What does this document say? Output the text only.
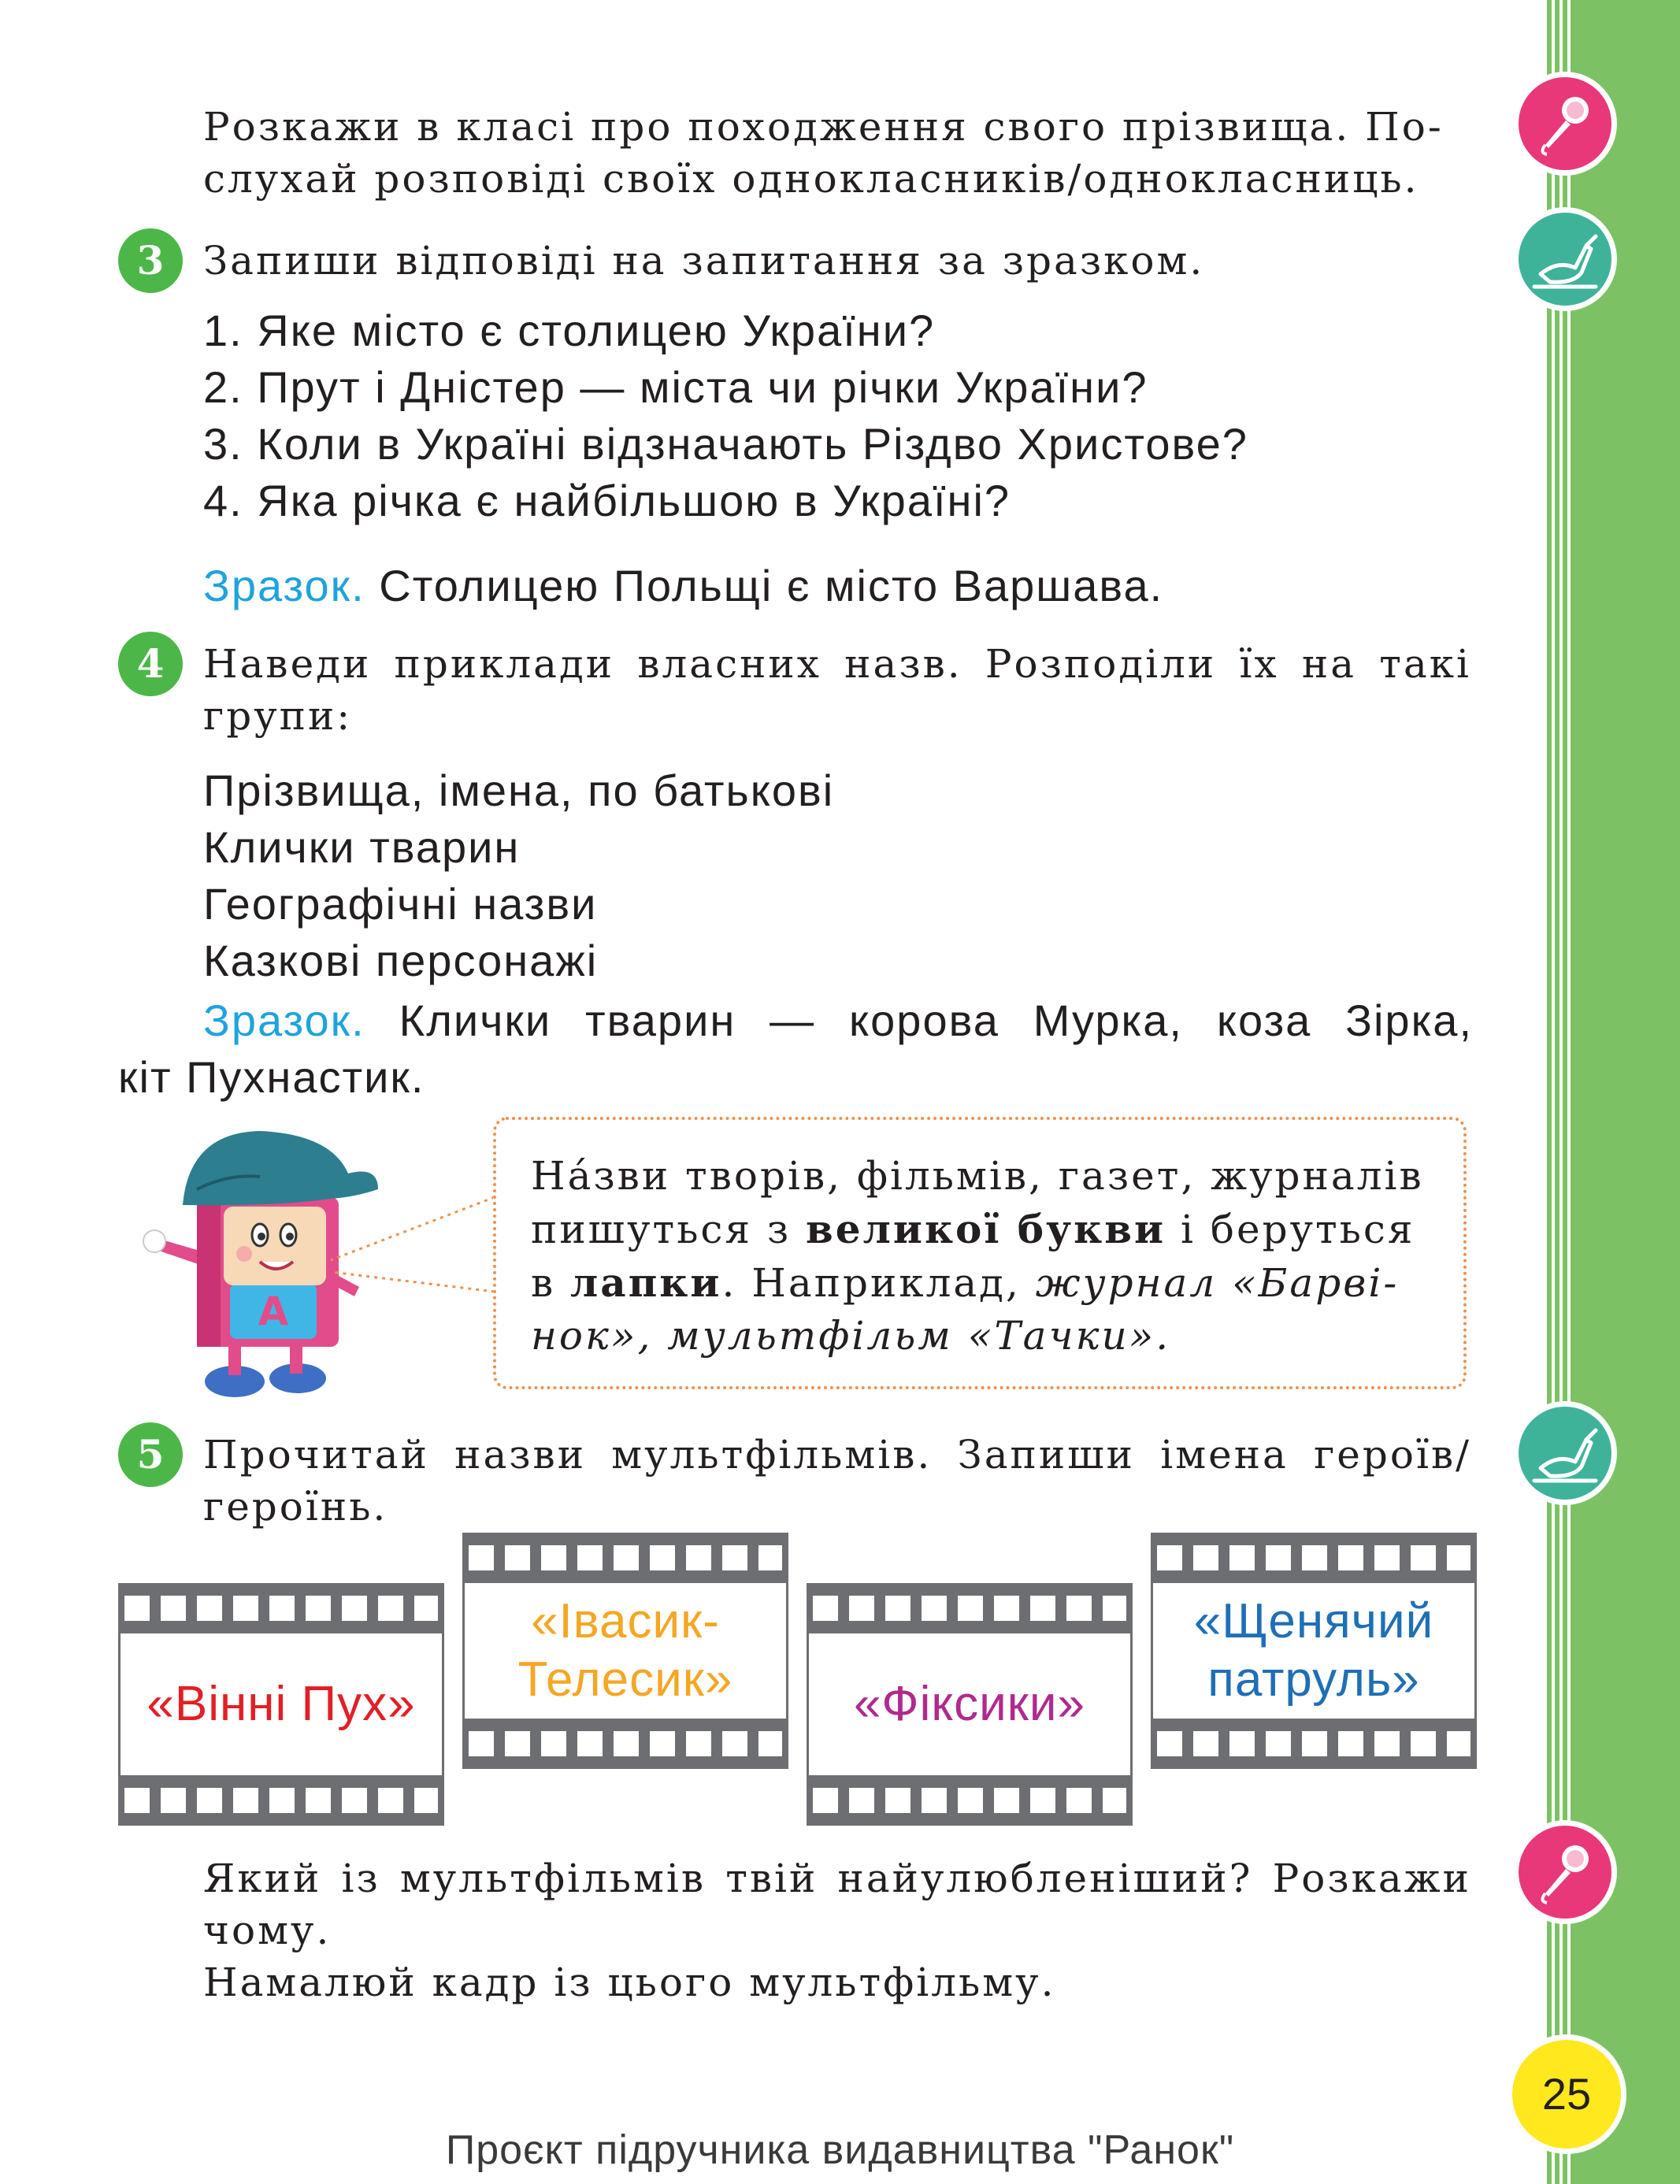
Розкажи в класі про походження свого прізвища. По-
слухай розповіді своїх однокласників/однокласниць.
3 Запиши відповіді на запитання за зразком.
1. Яке місто є столицею України?
2. Прут і Дністер — міста чи річки України?
3. Коли в Україні відзначають Різдво Христове?
4. Яка річка є найбільшою в Україні?
Зразок. Столицею Польщі є місто Варшава.
4 Наведи приклади власних назв. Розподіли їх на такі
групи:
Прізвища, імена, по батькові
Клички тварин
Географічні назви
Казкові персонажі
Зразок. Клички тварин — корова Мурка, коза Зірка,
кіт Пухнастик.
А
Нáзви творів, фільмів, газет, журналів
пишуться з великої букви і беруться
в лапки. Наприклад, журнал «Барві-
нок», мультфільм «Тачки».
5 Прочитай назви мультфільмів. Запиши імена героїв/
героїнь.
«Вінні Пух»
«Івасик-
Телесик»	«Фіксики»
«Щенячий
патруль»
Який із мультфільмів твій найулюбленіший? Розкажи
чому.
Намалюй кадр із цього мультфільму.
25
Проєкт підручника видавництва "Ранок"
